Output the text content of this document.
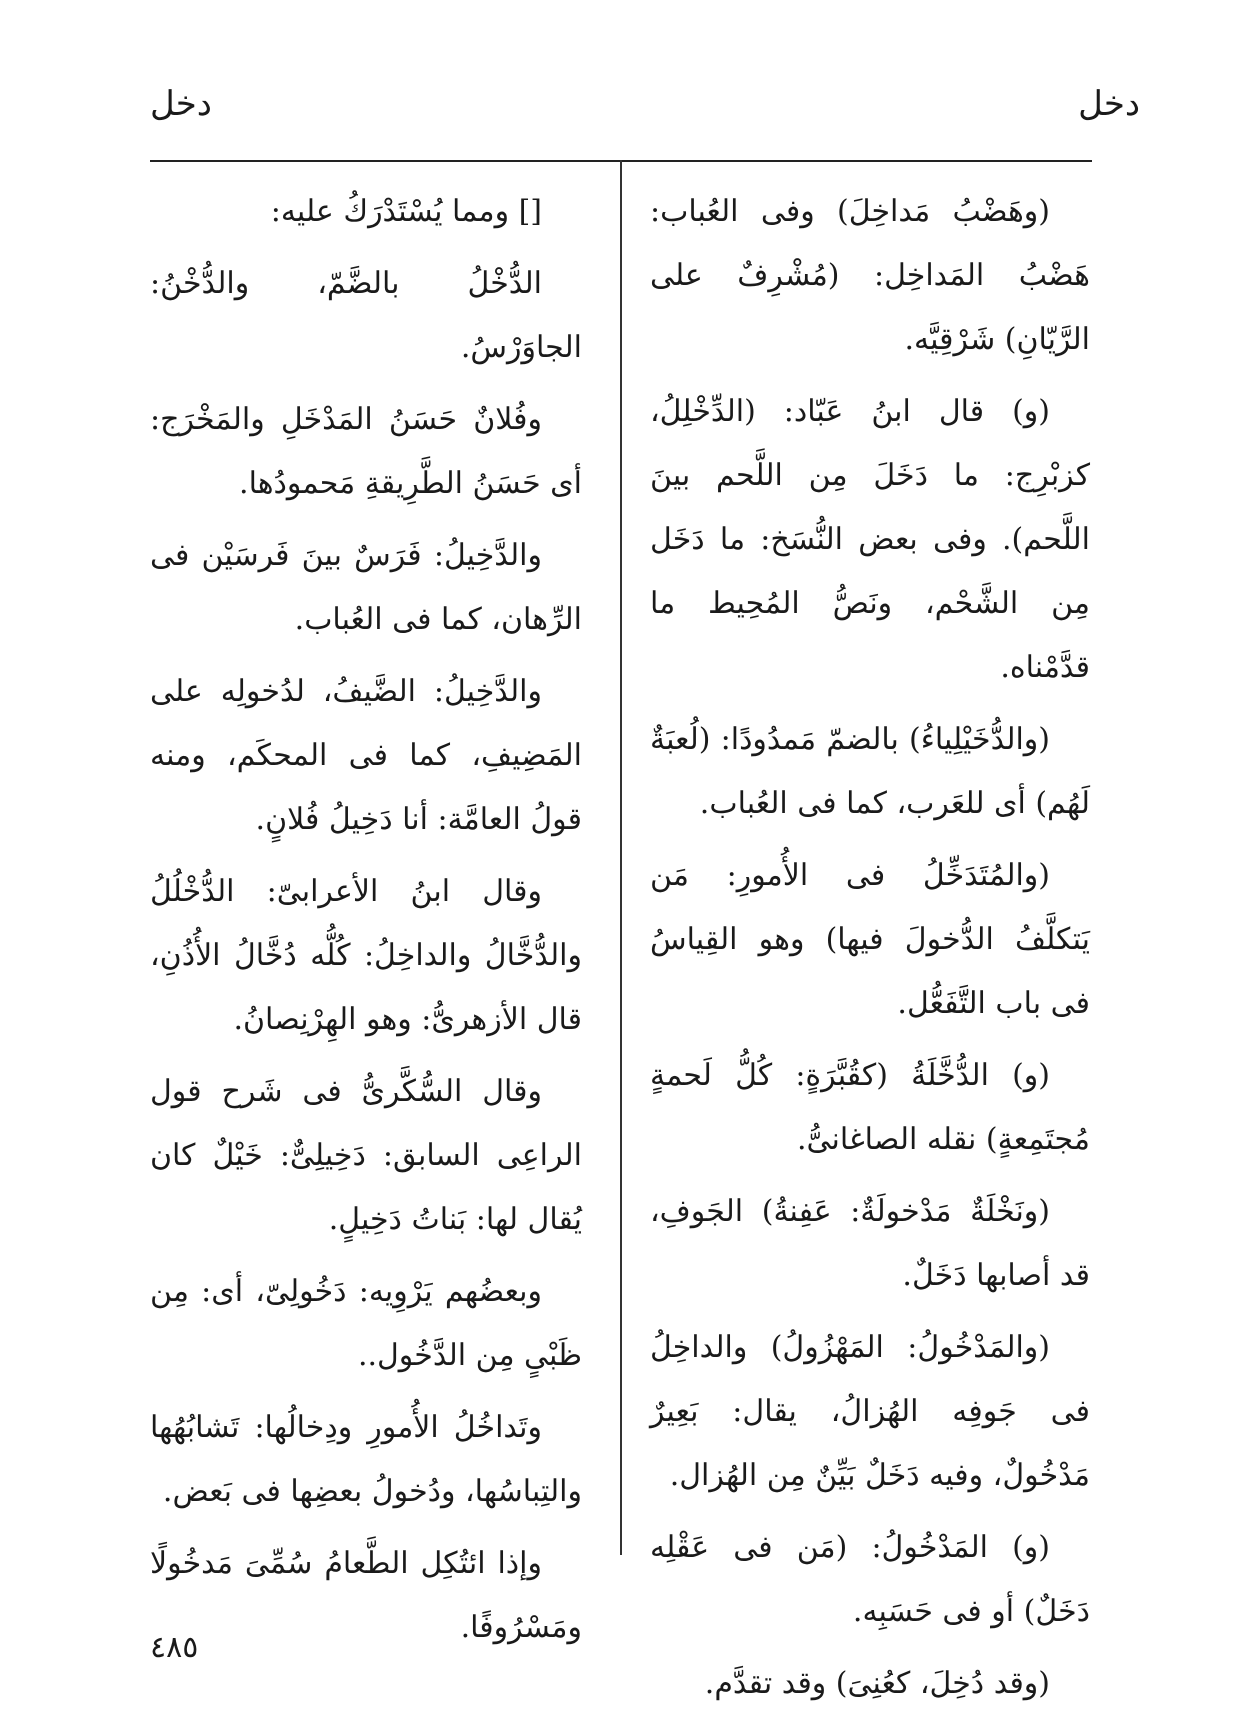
دخل
دخل

(وهَضْبُ مَداخِلَ) وفى العُباب: هَضْبُ المَداخِل: (مُشْرِفٌ على الرَّيّانِ) شَرْقِيَّه.

(و) قال ابنُ عَبّاد: (الدِّخْلِلُ، كزبْرِج: ما دَخَلَ مِن اللَّحم بينَ اللَّحم). وفى بعض النُّسَخ: ما دَخَل مِن الشَّحْم، ونَصُّ المُحِيط ما قدَّمْناه.

(والدُّخَيْلِياءُ) بالضمّ مَمدُودًا: (لُعبَةٌ لَهُم) أى للعَرب، كما فى العُباب.

(والمُتَدَخِّلُ فى الأُمورِ: مَن يَتكلَّفُ الدُّخولَ فيها) وهو القِياسُ فى باب التَّفَعُّل.

(و) الدُّخَّلَةُ (كقُبَّرَةٍ: كُلُّ لَحمةٍ مُجتَمِعةٍ) نقله الصاغانىُّ.

(ونَخْلَةٌ مَدْخولَةٌ: عَفِنةُ) الجَوفِ، قد أصابها دَخَلٌ.

(والمَدْخُولُ: المَهْزُولُ) والداخِلُ فى جَوفِه الهُزالُ، يقال: بَعِيرٌ مَدْخُولٌ، وفيه دَخَلٌ بَيِّنٌ مِن الهُزال.

(و) المَدْخُولُ: (مَن فى عَقْلِه دَخَلٌ) أو فى حَسَبِه.

(وقد دُخِلَ، كعُنِىَ) وقد تقدَّم.

[] ومما يُسْتَدْرَكُ عليه:

الدُّخْلُ بالضَّمّ، والدُّخْنُ: الجاوَرْسُ.

وفُلانٌ حَسَنُ المَدْخَلِ والمَخْرَج: أى حَسَنُ الطَّرِيقةِ مَحمودُها.

والدَّخِيلُ: فَرَسٌ بينَ فَرسَيْن فى الرِّهان، كما فى العُباب.

والدَّخِيلُ: الضَّيفُ، لدُخولِه على المَضِيفِ، كما فى المحكَم، ومنه قولُ العامَّة: أنا دَخِيلُ فُلانٍ.

وقال ابنُ الأعرابىّ: الدُّخْلُلُ والدُّخَّالُ والداخِلُ: كُلُّه دُخَّالُ الأُذُنِ، قال الأزهرىُّ: وهو الهِرْنِصانُ.

وقال السُّكَّرىُّ فى شَرح قول الراعِى السابق: دَخِيلِىٌّ: خَيْلٌ كان يُقال لها: بَناتُ دَخِيلٍ.

وبعضُهم يَرْوِيه: دَخُولِىّ، أى: مِن ظَبْىٍ مِن الدَّخُول..

وتَداخُلُ الأُمورِ ودِخالُها: تَشابُهُها والتِباسُها، ودُخولُ بعضِها فى بَعض.

وإذا ائتُكِل الطَّعامُ سُمِّىَ مَدخُولًا ومَسْرُوفًا.

٤٨٥
